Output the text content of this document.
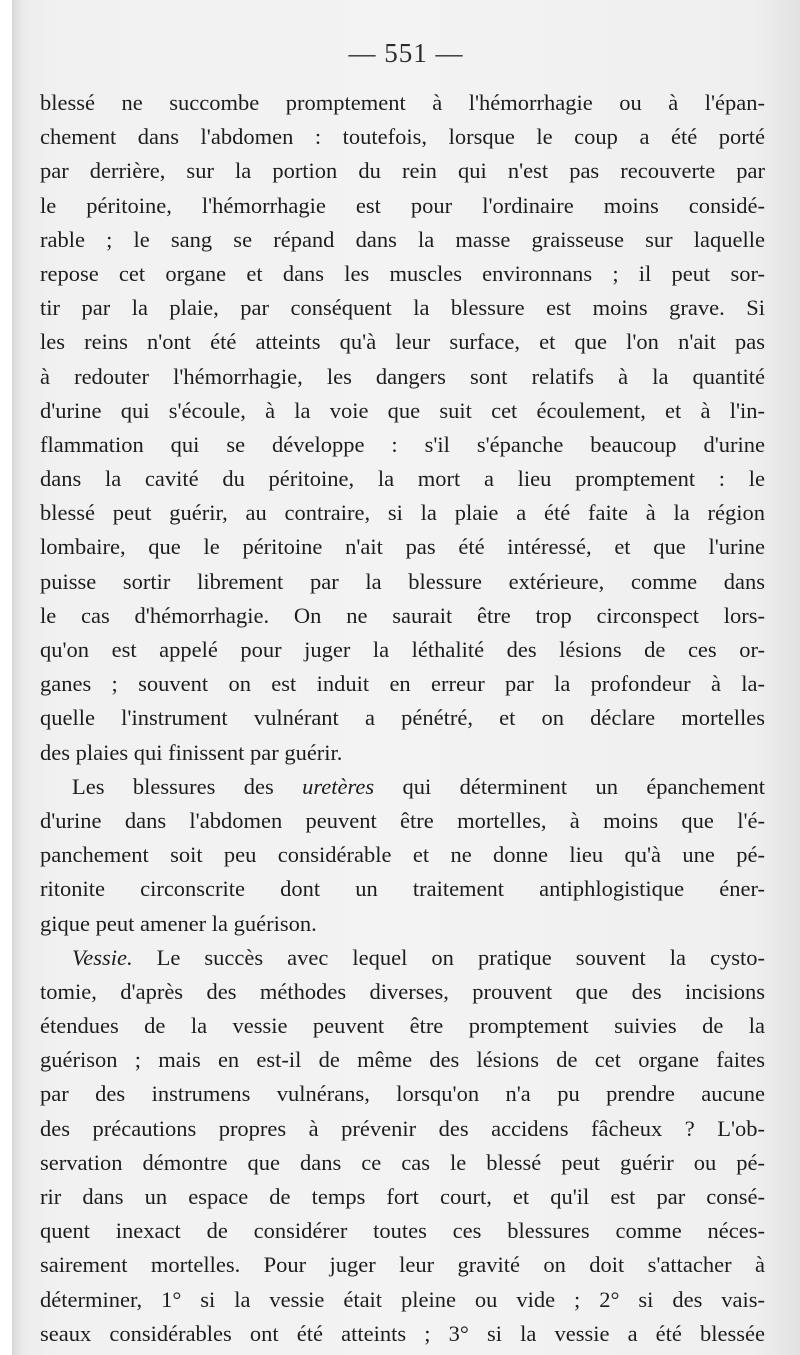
— 551 —
blessé ne succombe promptement à l'hémorrhagie ou à l'épan-
chement dans l'abdomen : toutefois, lorsque le coup a été porté
par derrière, sur la portion du rein qui n'est pas recouverte par
le péritoine, l'hémorrhagie est pour l'ordinaire moins considé-
rable ; le sang se répand dans la masse graisseuse sur laquelle
repose cet organe et dans les muscles environnans ; il peut sor-
tir par la plaie, par conséquent la blessure est moins grave. Si
les reins n'ont été atteints qu'à leur surface, et que l'on n'ait pas
à redouter l'hémorrhagie, les dangers sont relatifs à la quantité
d'urine qui s'écoule, à la voie que suit cet écoulement, et à l'in-
flammation qui se développe : s'il s'épanche beaucoup d'urine
dans la cavité du péritoine, la mort a lieu promptement : le
blessé peut guérir, au contraire, si la plaie a été faite à la région
lombaire, que le péritoine n'ait pas été intéressé, et que l'urine
puisse sortir librement par la blessure extérieure, comme dans
le cas d'hémorrhagie. On ne saurait être trop circonspect lors-
qu'on est appelé pour juger la léthalité des lésions de ces or-
ganes ; souvent on est induit en erreur par la profondeur à la-
quelle l'instrument vulnérant a pénétré, et on déclare mortelles
des plaies qui finissent par guérir.
Les blessures des uretères qui déterminent un épanchement
d'urine dans l'abdomen peuvent être mortelles, à moins que l'é-
panchement soit peu considérable et ne donne lieu qu'à une pé-
ritonite circonscrite dont un traitement antiphlogistique éner-
gique peut amener la guérison.
Vessie. Le succès avec lequel on pratique souvent la cysto-
tomie, d'après des méthodes diverses, prouvent que des incisions
étendues de la vessie peuvent être promptement suivies de la
guérison ; mais en est-il de même des lésions de cet organe faites
par des instrumens vulnérans, lorsqu'on n'a pu prendre aucune
des précautions propres à prévenir des accidens fâcheux ? L'ob-
servation démontre que dans ce cas le blessé peut guérir ou pé-
rir dans un espace de temps fort court, et qu'il est par consé-
quent inexact de considérer toutes ces blessures comme néces-
sairement mortelles. Pour juger leur gravité on doit s'attacher à
déterminer, 1° si la vessie était pleine ou vide ; 2° si des vais-
seaux considérables ont été atteints ; 3° si la vessie a été blessée
